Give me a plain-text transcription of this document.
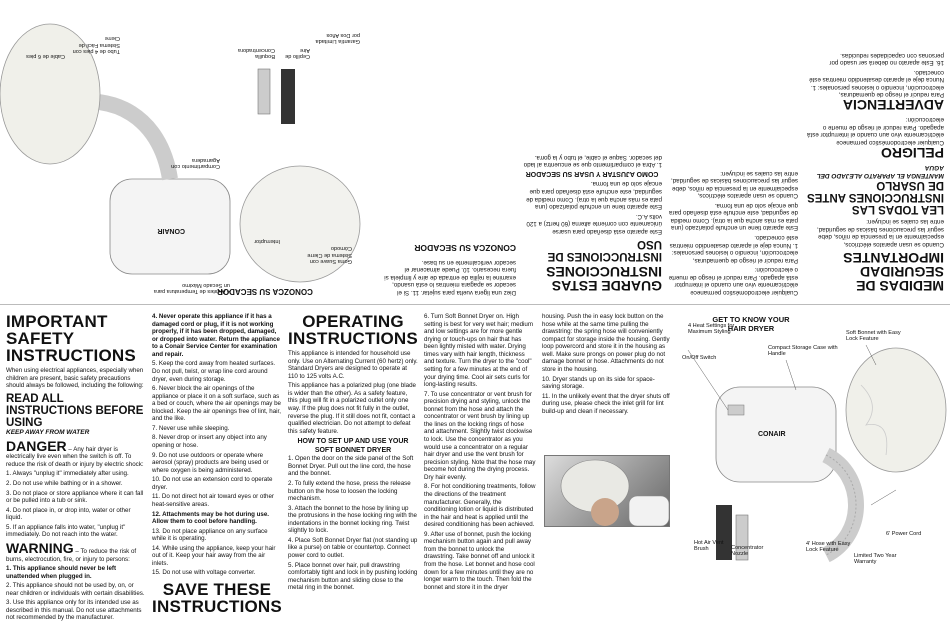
MEDIDAS DE SEGURIDAD IMPORTANTES

Cuando se usan aparatos eléctricos, especialmente en la presencia de niños, debe seguir las precauciones básicas de seguridad, entre las cuales se incluyen:

LEA TODAS LAS INSTRUCCIONES ANTES DE USARLO
MANTENGA EL APARATO ALEJADO DEL AGUA
PELIGRO

Cualquier electrodoméstico permanece eléctricamente vivo aun cuando el interruptor está apagado. Para reducir el riesgo de muerte o electrocución:

ADVERTENCIA

Para reducir el riesgo de quemaduras, electrocución, incendio o lesiones personales: 1. Nunca deje el aparato desatendido mientras esté conectado.

16. Este aparato no deberá ser usado por personas con capacidades reducidas.

Cualquier electrodoméstico permanece eléctricamente vivo aun cuando el interruptor está apagado. Para reducir el riesgo de muerte o electrocución:

Para reducir el riesgo de quemaduras, electrocución, incendio o lesiones personales: 1. Nunca deje el aparato desatendido mientras esté conectado.

Este aparato tiene un enchufe polarizado (una pata es más ancha que la otra). Como medida de seguridad, este enchufe está diseñado para que encaje solo de una forma.

Cuando se usan aparatos eléctricos, especialmente en la presencia de niños, debe seguir las precauciones básicas de seguridad, entre las cuales se incluyen:

GUARDE ESTAS INSTRUCCIONES
INSTRUCCIONES DE USO

Este aparato está diseñado para usarse únicamente con corriente alterna (60 hertz) a 120 volts A.C.

Este aparato tiene un enchufe polarizado (una pata es más ancha que la otra). Como medida de seguridad, este enchufe está diseñado para que encaje solo de una forma.

COMO AJUSTAR Y USAR SU SECADOR

1. Abra el compartimento que se encuentra al lado del secador. Saque el cable, el tubo y la gorra.

Diez una ligera vuelta para sujetar. 11. Si el secador se apagara mientras lo está usando, examine la rejilla de entrada de aire y limpiela si fuera necesario. 10. Puede almacenar el secador verticalmente en su base.

CONOZCA SU SECADOR
CONOZCA SU SECADOR
Gorra Suave con Sistema de Cierre Cómodo
Interruptor
4 Ajustes de Temperatura para un Secado Máximo
Compartimento con Agarradera
Cable de 6 pies
Tubo de 4 pies con Sistema Fácil de Cierre
Boquilla Concentradora
Cepillo de Aire
Garantía Limitada por Dos Años
CONAIR
IMPORTANT SAFETY INSTRUCTIONS

When using electrical appliances, especially when children are present, basic safety precautions should always be followed, including the following:

READ ALL INSTRUCTIONS BEFORE USING
KEEP AWAY FROM WATER

DANGER – Any hair dryer is electrically live even when the switch is off. To reduce the risk of death or injury by electric shock:

1. Always "unplug it" immediately after using.

2. Do not use while bathing or in a shower.

3. Do not place or store appliance where it can fall or be pulled into a tub or sink.

4. Do not place in, or drop into, water or other liquid.

5. If an appliance falls into water, "unplug it" immediately. Do not reach into the water.

WARNING – To reduce the risk of burns, electrocution, fire, or injury to persons:

1. This appliance should never be left unattended when plugged in.

2. This appliance should not be used by, on, or near children or individuals with certain disabilities.

3. Use this appliance only for its intended use as described in this manual. Do not use attachments not recommended by the manufacturer.

4. Never operate this appliance if it has a damaged cord or plug, if it is not working properly, if it has been dropped, damaged, or dropped into water. Return the appliance to a Conair Service Center for examination and repair.

5. Keep the cord away from heated surfaces. Do not pull, twist, or wrap line cord around dryer, even during storage.

6. Never block the air openings of the appliance or place it on a soft surface, such as a bed or couch, where the air openings may be blocked. Keep the air openings free of lint, hair, and the like.

7. Never use while sleeping.

8. Never drop or insert any object into any opening or hose.

9. Do not use outdoors or operate where aerosol (spray) products are being used or where oxygen is being administered.

10. Do not use an extension cord to operate dryer.

11. Do not direct hot air toward eyes or other heat-sensitive areas.

12. Attachments may be hot during use. Allow them to cool before handling.

13. Do not place appliance on any surface while it is operating.

14. While using the appliance, keep your hair out of it. Keep your hair away from the air inlets.

15. Do not use with voltage converter.

SAVE THESE INSTRUCTIONS
OPERATING INSTRUCTIONS

This appliance is intended for household use only. Use on Alternating Current (60 hertz) only. Standard Dryers are designed to operate at 110 to 125 volts A.C.

This appliance has a polarized plug (one blade is wider than the other). As a safety feature, this plug will fit in a polarized outlet only one way. If the plug does not fit fully in the outlet, reverse the plug. If it still does not fit, contact a qualified electrician. Do not attempt to defeat this safety feature.

HOW TO SET UP AND USE YOUR SOFT BONNET DRYER

1. Open the door on the side panel of the Soft Bonnet Dryer. Pull out the line cord, the hose and the bonnet.

2. To fully extend the hose, press the release button on the hose to loosen the locking mechanism.

3. Attach the bonnet to the hose by lining up the protrusions in the hose locking ring with the indentations in the bonnet locking ring. Twist slightly to lock.

4. Place Soft Bonnet Dryer flat (not standing up like a purse) on table or countertop. Connect power cord to outlet.

5. Place bonnet over hair, pull drawstring comfortably tight and lock in by pushing locking mechanism button and sliding close to the metal ring in the bonnet.

6. Turn Soft Bonnet Dryer on. High setting is best for very wet hair; medium and low settings are for more gentle drying or touch-ups on hair that has been lightly misted with water. Drying times vary with hair length, thickness and texture. Turn the dryer to the "cool" setting for a few minutes at the end of your drying time. Cool air sets curls for long-lasting results.

7. To use concentrator or vent brush for precision drying and styling, unlock the bonnet from the hose and attach the concentrator or vent brush by lining up the lines on the locking rings of hose and attachment. Slightly twist clockwise to lock. Use the concentrator as you would use a concentrator on a regular hair dryer and use the vent brush for precision styling. Note that the hose may become hot during the drying process. Dry hair evenly.

8. For hot conditioning treatments, follow the directions of the treatment manufacturer. Generally, the conditioning lotion or liquid is distributed in the hair and heat is applied until the desired conditioning has been achieved.

9. After use of bonnet, push the locking mechanism button again and pull away from the bonnet to unlock the drawstring. Take bonnet off and unlock it from the hose. Let bonnet and hose cool down for a few minutes until they are no longer warm to the touch. Then fold the bonnet and store it in the dryer

housing. Push the in easy lock button on the hose while at the same time pulling the drawstring: the spring hose will conveniently compact for storage inside the housing. Gently loop powercord and store it in the housing as well. Make sure prongs on power plug do not damage bonnet or hose. Attachments do not store in the housing.

10. Dryer stands up on its side for space-saving storage.

11. In the unlikely event that the dryer shuts off during use, please check the inlet grill for lint build-up and clean if necessary.

GET TO KNOW YOUR HAIR DRYER
4 Heat Settings for Maximum Styling
On/Off Switch
Compact Storage Case with Handle
Soft Bonnet with Easy Lock Feature
6' Power Cord
Hot Air Vent Brush	Concentrator Nozzle
4' Hose with Easy Lock Feature
Limited Two Year Warranty
CONAIR
